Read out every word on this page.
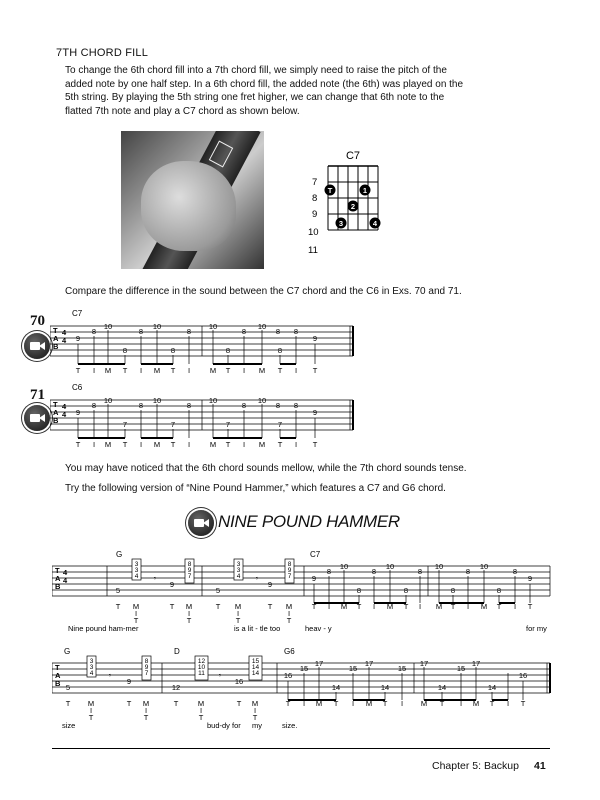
7TH CHORD FILL
To change the 6th chord fill into a 7th chord fill, we simply need to raise the pitch of the added note by one half step. In a 6th chord fill, the added note (the 6th) was played on the 5th string. By playing the 5th string one fret higher, we can change that 6th note to the flatted 7th note and play a C7 chord as shown below.
C7
7
8
9
10
11
T	1
2
3	4
Compare the difference in the sound between the C7 chord and the C6 in Exs. 70 and 71.
70	C7
T
A
B
4
4
10	10	10	10
8	8	8	8	8 8
9	9
8	8	8	8
T I M T I M T I	M T I M T I T
71	C6
T
A
B
4
4
10	10	10	10
8	8	8	8	8 8
9	9
7	7	7	7
T I M T I M T I	M T I M T I T
You may have noticed that the 6th chord sounds mellow, while the 7th chord sounds tense.
Try the following version of “Nine Pound Hammer,” which features a C7 and G6 chord.
NINE POUND HAMMER
G	C7
T
A
B
4
4
3
3
4
8
9
7
3
3
4
8
9
7
5
9
5
9
10	10	10	10
8	8	8	8	8
9	9
8	8	8	8
𝄾	𝄾
T M	T M	T M	T M	T I M T I M T I M T I M T I T
I	I	I	I
T	T	T	T
Nine pound ham-mer	is a lit - tle too	heav - y	for my
G	D	G6
T
A
B
3
3
4
8
9
7
12
10
11
15
14
14
5
9
12
16
17	17	17	17
15	15	15	15
16	16
14	14	14	14
𝄾	𝄾
T M	T M	T	M	T M	T I M T I M T I M T I M T I T
I	I	I	I
T	T	T	T
size	bud-dy for my	size.
Chapter 5: Backup 41
